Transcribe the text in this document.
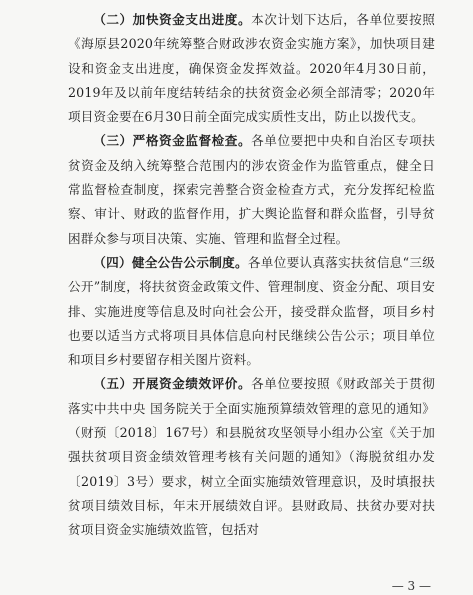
（二）加快资金支出进度。本次计划下达后，各单位要按照《海原县2020年统筹整合财政涉农资金实施方案》，加快项目建设和资金支出进度，确保资金发挥效益。2020年4月30日前，2019年及以前年度结转结余的扶贫资金必须全部清零；2020年项目资金要在6月30日前全面完成实质性支出，防止以拨代支。

（三）严格资金监督检查。各单位要把中央和自治区专项扶贫资金及纳入统筹整合范围内的涉农资金作为监管重点，健全日常监督检查制度，探索完善整合资金检查方式，充分发挥纪检监察、审计、财政的监督作用，扩大舆论监督和群众监督，引导贫困群众参与项目决策、实施、管理和监督全过程。

（四）健全公告公示制度。各单位要认真落实扶贫信息“三级公开”制度，将扶贫资金政策文件、管理制度、资金分配、项目安排、实施进度等信息及时向社会公开，接受群众监督，项目乡村也要以适当方式将项目具体信息向村民继续公告公示；项目单位和项目乡村要留存相关图片资料。

（五）开展资金绩效评价。各单位要按照《财政部关于贯彻落实中共中央 国务院关于全面实施预算绩效管理的意见的通知》（财预〔2018〕167号）和县脱贫攻坚领导小组办公室《关于加强扶贫项目资金绩效管理考核有关问题的通知》（海脱贫组办发〔2019〕3号）要求，树立全面实施绩效管理意识，及时填报扶贫项目绩效目标，年末开展绩效自评。县财政局、扶贫办要对扶贫项目资金实施绩效监管，包括对

— 3 —
